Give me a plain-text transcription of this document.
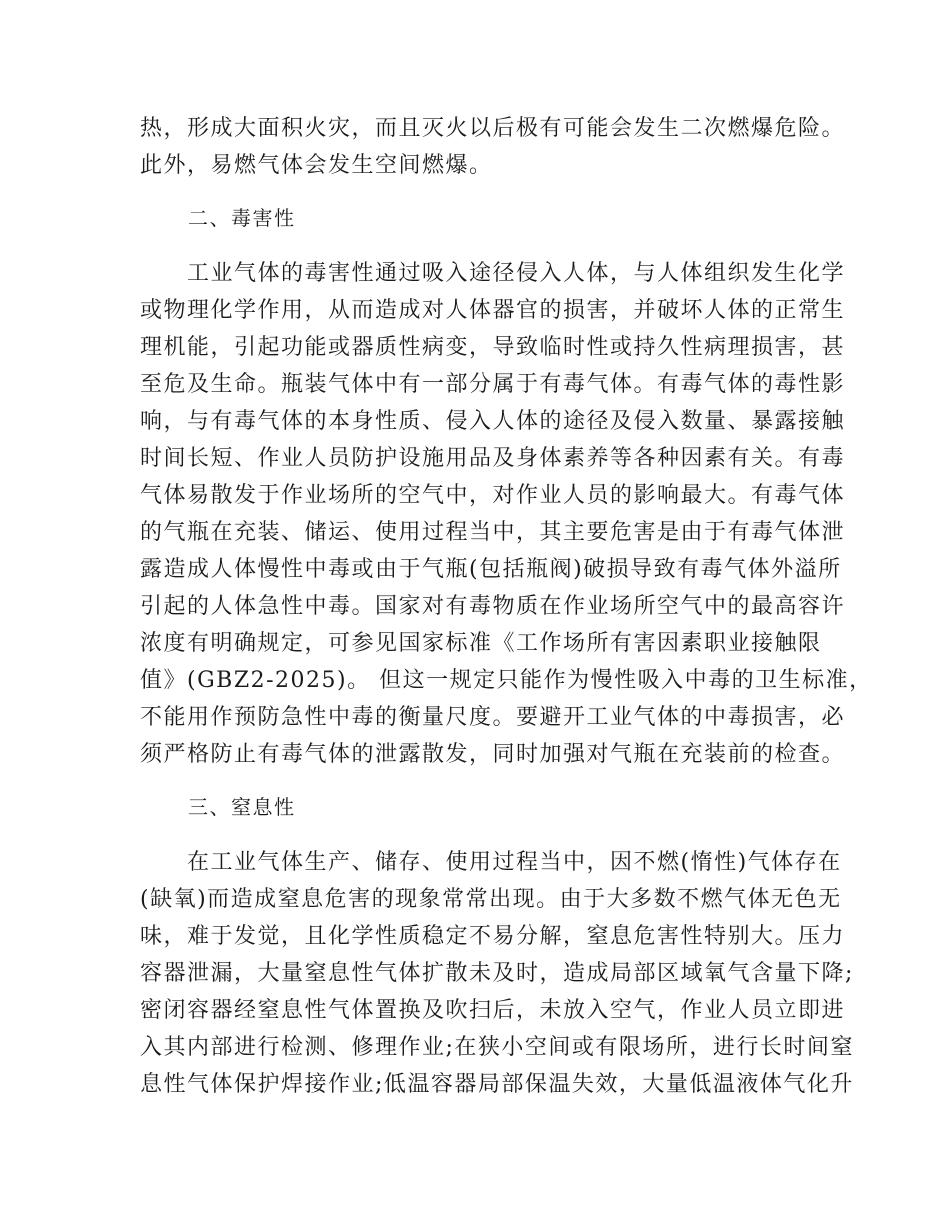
热，形成大面积火灾，而且灭火以后极有可能会发生二次燃爆危险。
此外，易燃气体会发生空间燃爆。

二、毒害性

　　工业气体的毒害性通过吸入途径侵入人体，与人体组织发生化学
或物理化学作用，从而造成对人体器官的损害，并破坏人体的正常生
理机能，引起功能或器质性病变，导致临时性或持久性病理损害，甚
至危及生命。瓶装气体中有一部分属于有毒气体。有毒气体的毒性影
响，与有毒气体的本身性质、侵入人体的途径及侵入数量、暴露接触
时间长短、作业人员防护设施用品及身体素养等各种因素有关。有毒
气体易散发于作业场所的空气中，对作业人员的影响最大。有毒气体
的气瓶在充装、储运、使用过程当中，其主要危害是由于有毒气体泄
露造成人体慢性中毒或由于气瓶(包括瓶阀)破损导致有毒气体外溢所
引起的人体急性中毒。国家对有毒物质在作业场所空气中的最高容许
浓度有明确规定，可参见国家标准《工作场所有害因素职业接触限
值》(GBZ2-2025)。 但这一规定只能作为慢性吸入中毒的卫生标准，
不能用作预防急性中毒的衡量尺度。要避开工业气体的中毒损害，必
须严格防止有毒气体的泄露散发，同时加强对气瓶在充装前的检查。

三、窒息性

　　在工业气体生产、储存、使用过程当中，因不燃(惰性)气体存在
(缺氧)而造成窒息危害的现象常常出现。由于大多数不燃气体无色无
味，难于发觉，且化学性质稳定不易分解，窒息危害性特别大。压力
容器泄漏，大量窒息性气体扩散未及时，造成局部区域氧气含量下降;
密闭容器经窒息性气体置换及吹扫后，未放入空气，作业人员立即进
入其内部进行检测、修理作业;在狭小空间或有限场所，进行长时间窒
息性气体保护焊接作业;低温容器局部保温失效，大量低温液体气化升
